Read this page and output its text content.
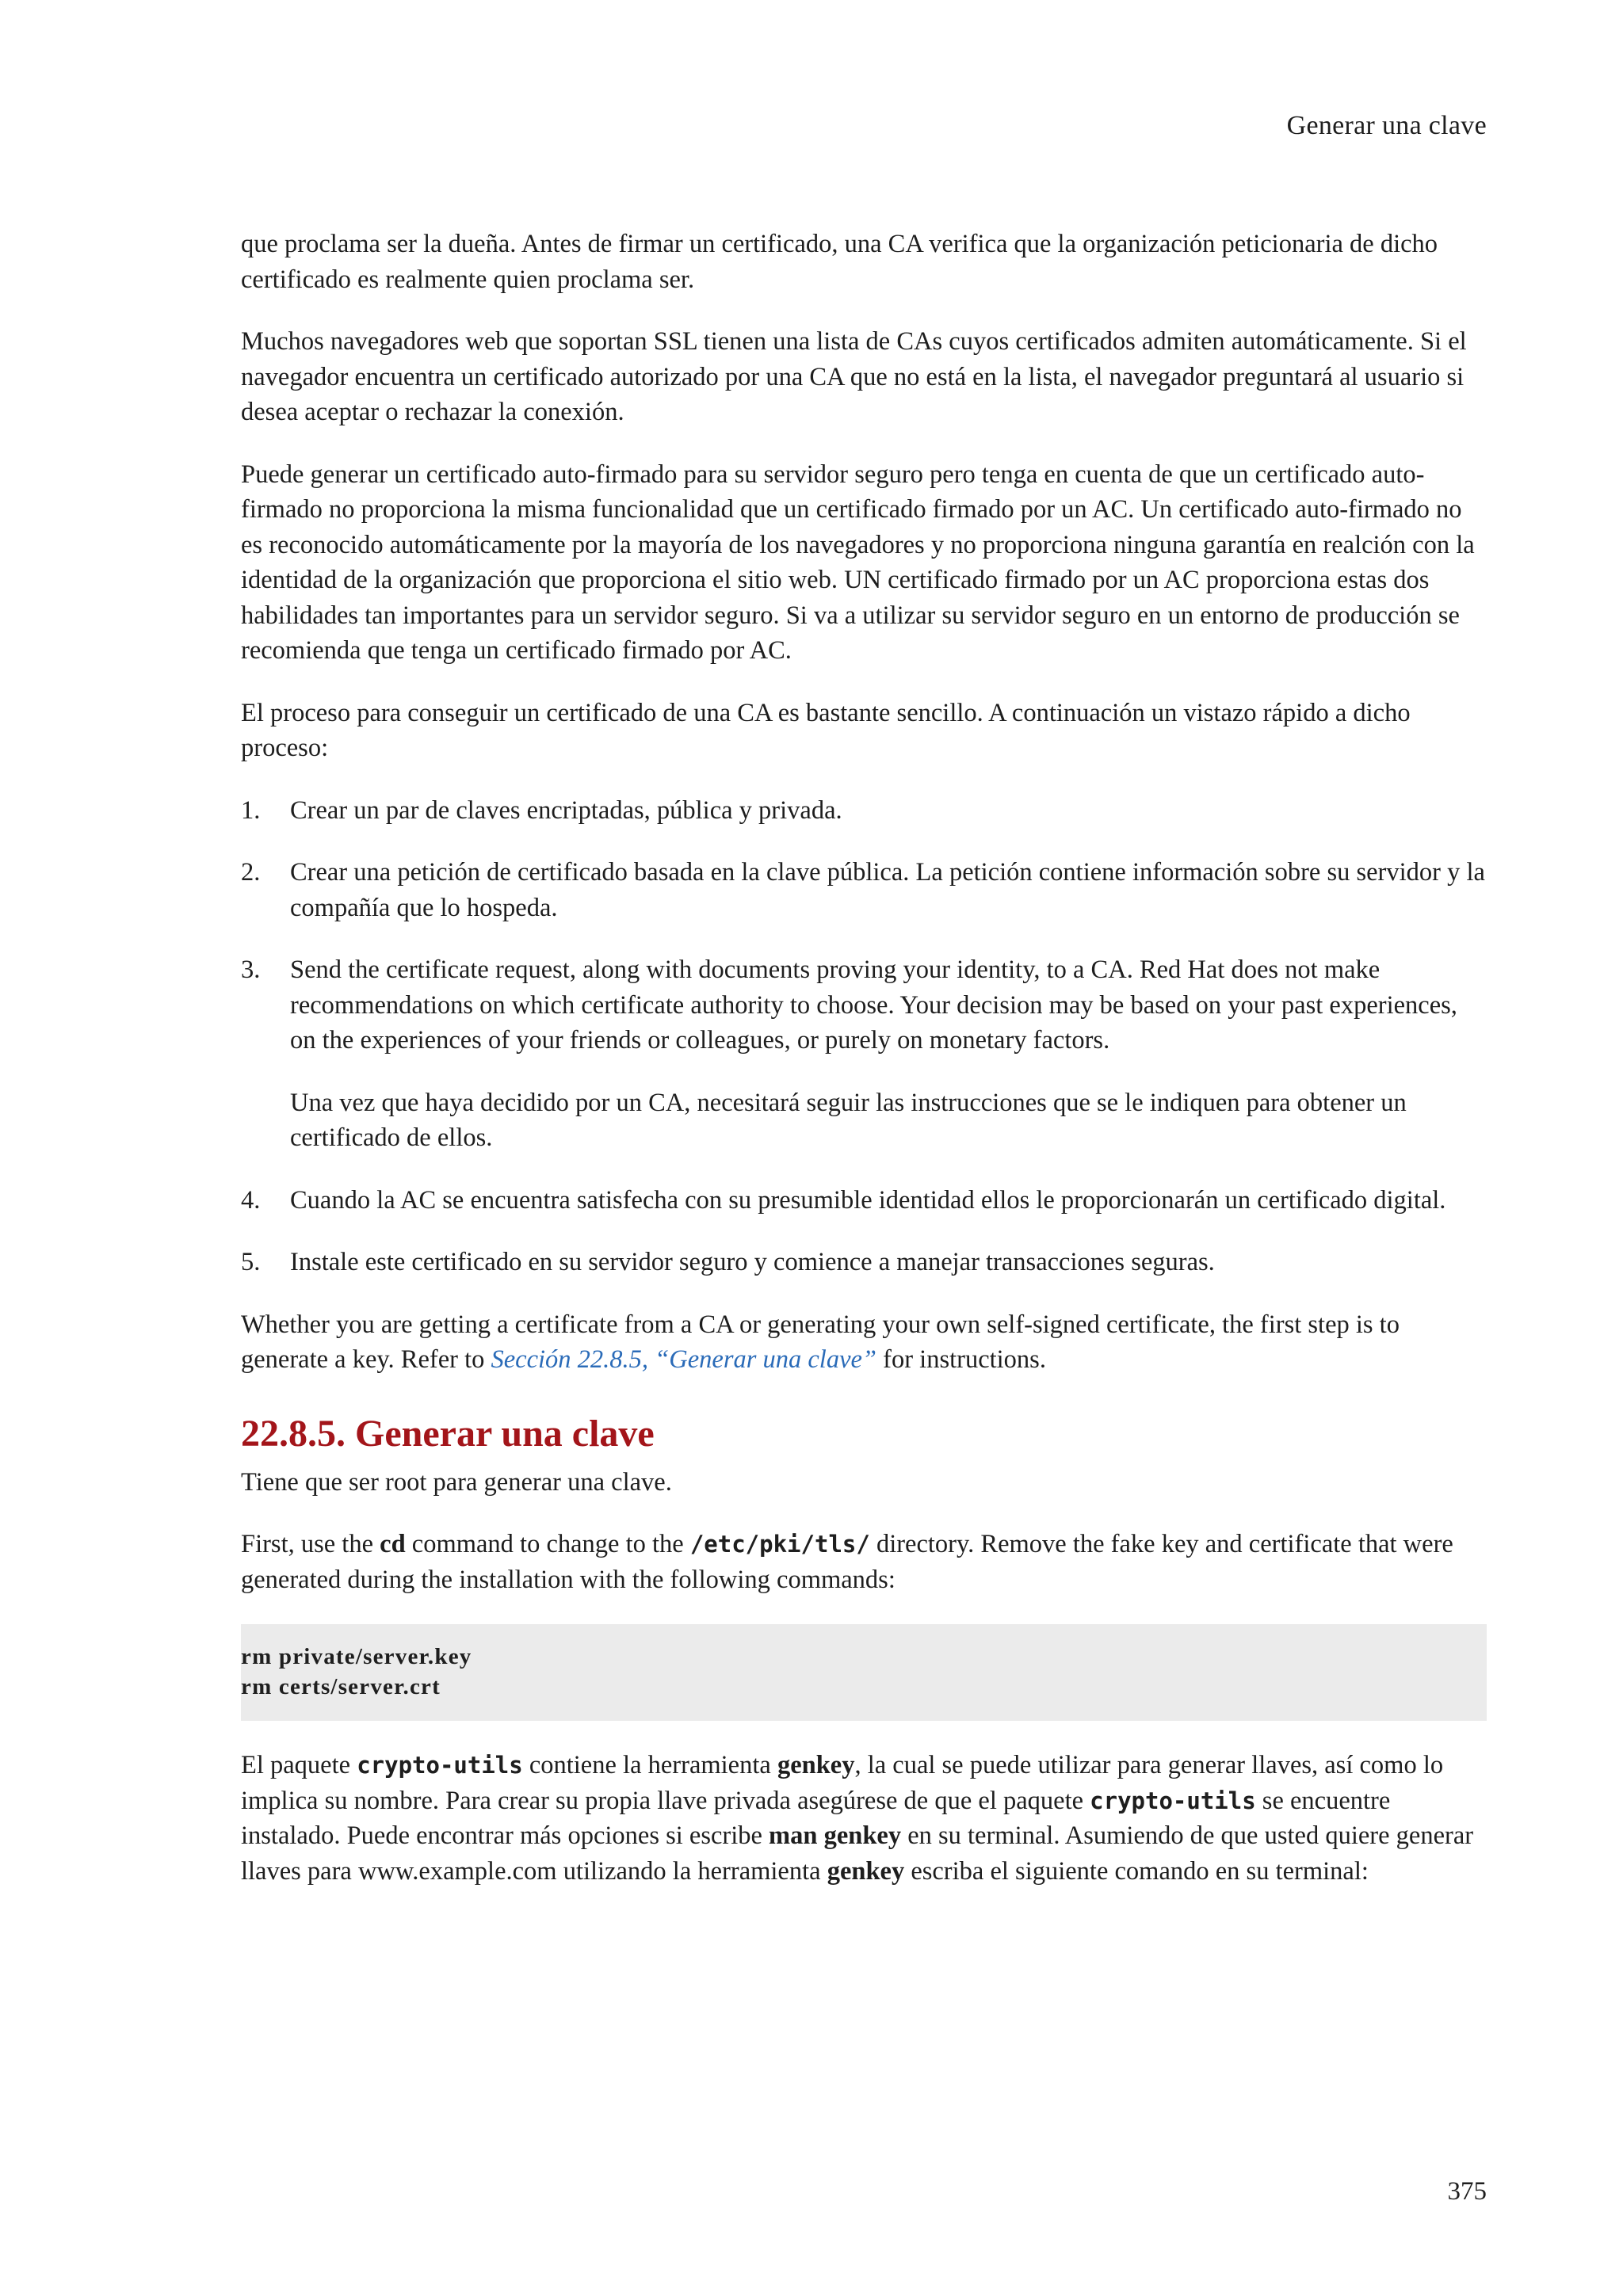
Generar una clave

que proclama ser la dueña. Antes de firmar un certificado, una CA verifica que la organización peticionaria de dicho certificado es realmente quien proclama ser.

Muchos navegadores web que soportan SSL tienen una lista de CAs cuyos certificados admiten automáticamente. Si el navegador encuentra un certificado autorizado por una CA que no está en la lista, el navegador preguntará al usuario si desea aceptar o rechazar la conexión.

Puede generar un certificado auto-firmado para su servidor seguro pero tenga en cuenta de que un certificado auto-firmado no proporciona la misma funcionalidad que un certificado firmado por un AC. Un certificado auto-firmado no es reconocido automáticamente por la mayoría de los navegadores y no proporciona ninguna garantía en realción con la identidad de la organización que proporciona el sitio web. UN certificado firmado por un AC proporciona estas dos habilidades tan importantes para un servidor seguro. Si va a utilizar su servidor seguro en un entorno de producción se recomienda que tenga un certificado firmado por AC.

El proceso para conseguir un certificado de una CA es bastante sencillo. A continuación un vistazo rápido a dicho proceso:

1. Crear un par de claves encriptadas, pública y privada.

2. Crear una petición de certificado basada en la clave pública. La petición contiene información sobre su servidor y la compañía que lo hospeda.

3. Send the certificate request, along with documents proving your identity, to a CA. Red Hat does not make recommendations on which certificate authority to choose. Your decision may be based on your past experiences, on the experiences of your friends or colleagues, or purely on monetary factors.

Una vez que haya decidido por un CA, necesitará seguir las instrucciones que se le indiquen para obtener un certificado de ellos.

4. Cuando la AC se encuentra satisfecha con su presumible identidad ellos le proporcionarán un certificado digital.

5. Instale este certificado en su servidor seguro y comience a manejar transacciones seguras.

Whether you are getting a certificate from a CA or generating your own self-signed certificate, the first step is to generate a key. Refer to Sección 22.8.5, “Generar una clave” for instructions.

22.8.5. Generar una clave

Tiene que ser root para generar una clave.

First, use the cd command to change to the /etc/pki/tls/ directory. Remove the fake key and certificate that were generated during the installation with the following commands:

rm private/server.key
rm certs/server.crt

El paquete crypto-utils contiene la herramienta genkey, la cual se puede utilizar para generar llaves, así como lo implica su nombre. Para crear su propia llave privada asegúrese de que el paquete crypto-utils se encuentre instalado. Puede encontrar más opciones si escribe man genkey en su terminal. Asumiendo de que usted quiere generar llaves para www.example.com utilizando la herramienta genkey escriba el siguiente comando en su terminal:

375
